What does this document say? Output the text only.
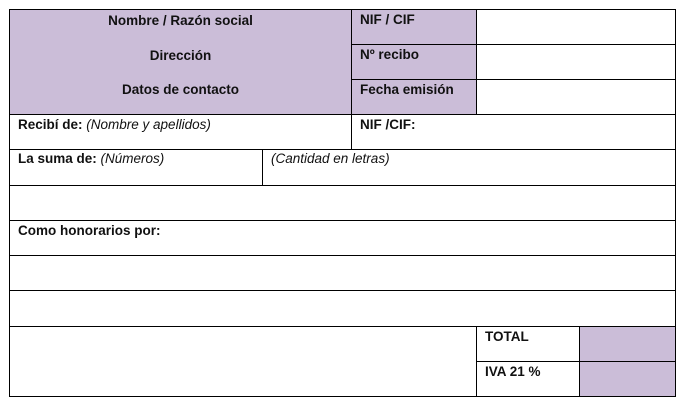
Nombre / Razón social
Dirección
Datos de contacto
NIF / CIF
Nº recibo
Fecha emisión
Recibí de: (Nombre y apellidos)	NIF /CIF:
La suma de: (Números)	(Cantidad en letras)
Como honorarios por:
TOTAL
IVA 21 %
